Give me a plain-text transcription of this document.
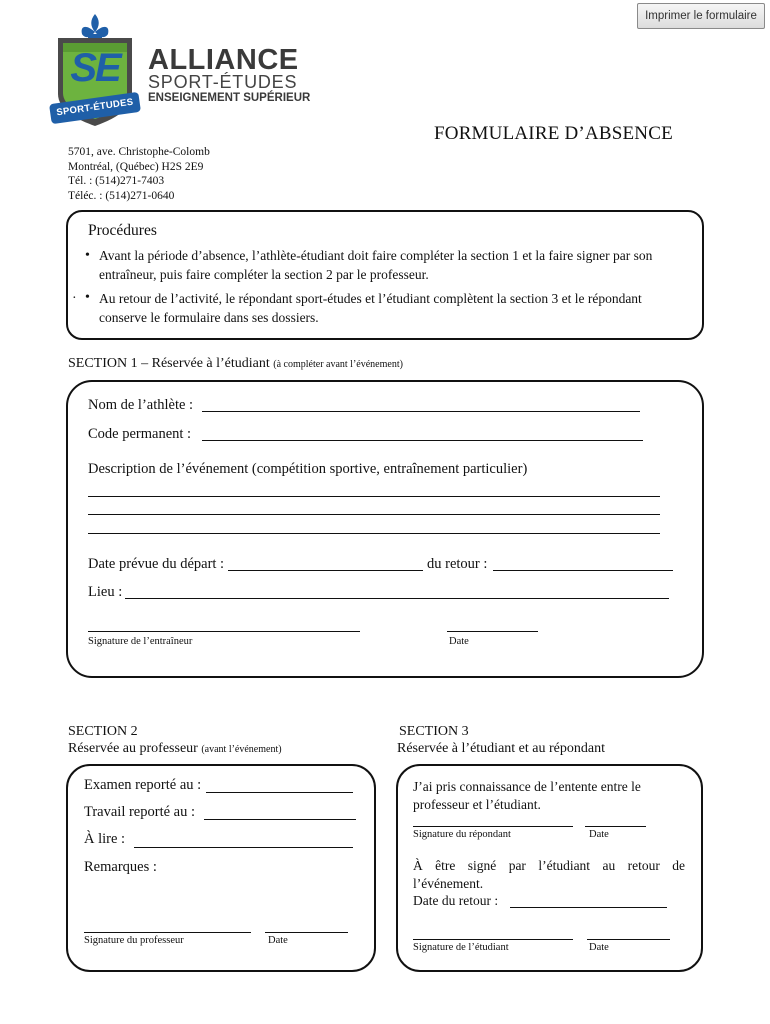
Imprimer le formulaire
SE
SPORT-ÉTUDES
ALLIANCE
SPORT-ÉTUDES
ENSEIGNEMENT SUPÉRIEUR
FORMULAIRE D’ABSENCE
5701, ave. Christophe-Colomb
Montréal, (Québec) H2S 2E9
Tél. : (514)271-7403
Téléc. : (514)271-0640
Procédures
• Avant la période d’absence, l’athlète-étudiant doit faire compléter la section 1 et la faire signer par son
entraîneur, puis faire compléter la section 2 par le professeur.
· • Au retour de l’activité, le répondant sport-études et l’étudiant complètent la section 3 et le répondant
conserve le formulaire dans ses dossiers.
SECTION 1 – Réservée à l’étudiant (à compléter avant l’événement)
Nom de l’athlète :
Code permanent :
Description de l’événement (compétition sportive, entraînement particulier)
Date prévue du départ :	du retour :
Lieu :
Signature de l’entraîneur	Date
SECTION 2
Réservée au professeur (avant l’événement)
SECTION 3
Réservée à l’étudiant et au répondant
Examen reporté au :
Travail reporté au :
À lire :
Remarques :
Signature du professeur	Date
J’ai pris connaissance de l’entente entre le
professeur et l’étudiant.
Signature du répondant	Date
À être signé par l’étudiant au retour de
l’événement.
Date du retour :
Signature de l’étudiant	Date
